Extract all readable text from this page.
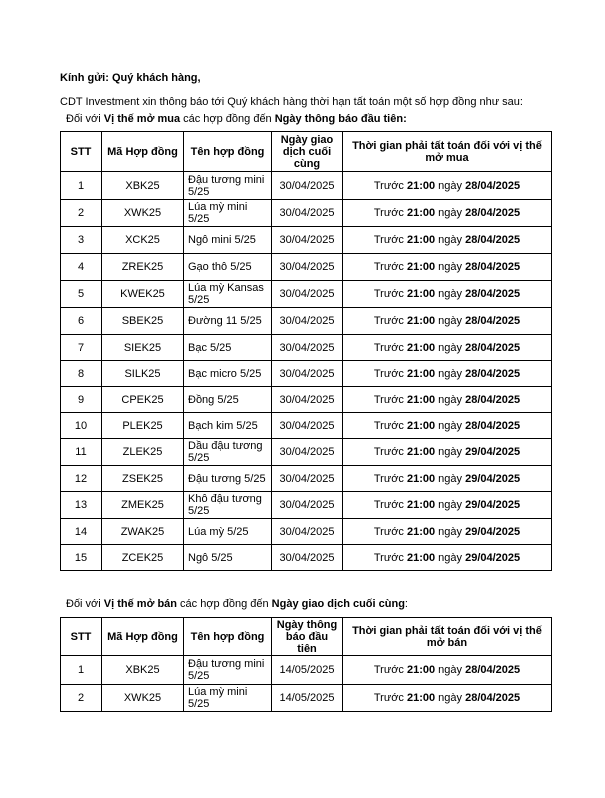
Kính gửi: Quý khách hàng,
CDT Investment xin thông báo tới Quý khách hàng thời hạn tất toán một số hợp đồng như sau:
Đối với Vị thế mở mua các hợp đồng đến Ngày thông báo đầu tiên:
STT	Mã Hợp đồng	Tên hợp đồng	Ngày giao dịch cuối cùng	Thời gian phải tất toán đối với vị thế mở mua
1	XBK25	Đậu tương mini 5/25	30/04/2025	Trước 21:00 ngày 28/04/2025
2	XWK25	Lúa mỳ mini 5/25	30/04/2025	Trước 21:00 ngày 28/04/2025
3	XCK25	Ngô mini 5/25	30/04/2025	Trước 21:00 ngày 28/04/2025
4	ZREK25	Gạo thô 5/25	30/04/2025	Trước 21:00 ngày 28/04/2025
5	KWEK25	Lúa mỳ Kansas 5/25	30/04/2025	Trước 21:00 ngày 28/04/2025
6	SBEK25	Đường 11 5/25	30/04/2025	Trước 21:00 ngày 28/04/2025
7	SIEK25	Bạc 5/25	30/04/2025	Trước 21:00 ngày 28/04/2025
8	SILK25	Bạc micro 5/25	30/04/2025	Trước 21:00 ngày 28/04/2025
9	CPEK25	Đồng 5/25	30/04/2025	Trước 21:00 ngày 28/04/2025
10	PLEK25	Bạch kim 5/25	30/04/2025	Trước 21:00 ngày 28/04/2025
11	ZLEK25	Dầu đậu tương 5/25	30/04/2025	Trước 21:00 ngày 29/04/2025
12	ZSEK25	Đậu tương 5/25	30/04/2025	Trước 21:00 ngày 29/04/2025
13	ZMEK25	Khô đậu tương 5/25	30/04/2025	Trước 21:00 ngày 29/04/2025
14	ZWAK25	Lúa mỳ 5/25	30/04/2025	Trước 21:00 ngày 29/04/2025
15	ZCEK25	Ngô 5/25	30/04/2025	Trước 21:00 ngày 29/04/2025
Đối với Vị thế mở bán các hợp đồng đến Ngày giao dịch cuối cùng:
STT	Mã Hợp đồng	Tên hợp đồng	Ngày thông báo đầu tiên	Thời gian phải tất toán đối với vị thế mở bán
1	XBK25	Đậu tương mini 5/25	14/05/2025	Trước 21:00 ngày 28/04/2025
2	XWK25	Lúa mỳ mini 5/25	14/05/2025	Trước 21:00 ngày 28/04/2025
